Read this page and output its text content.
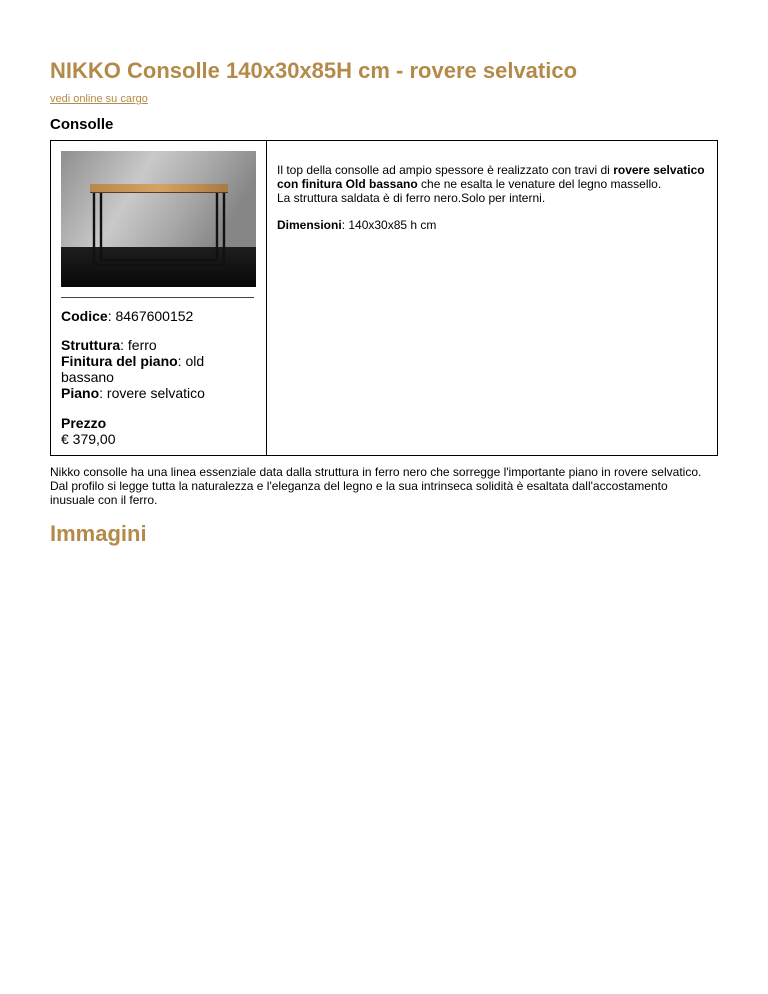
NIKKO Consolle 140x30x85H cm - rovere selvatico
vedi online su cargo
Consolle
Codice: 8467600152
Struttura: ferro
Finitura del piano: old bassano
Piano: rovere selvatico
Prezzo
€ 379,00

Il top della consolle ad ampio spessore è realizzato con travi di rovere selvatico con finitura Old bassano che ne esalta le venature del legno massello.

La struttura saldata è di ferro nero.Solo per interni.

Dimensioni: 140x30x85 h cm

Nikko consolle ha una linea essenziale data dalla struttura in ferro nero che sorregge l'importante piano in rovere selvatico. Dal profilo si legge tutta la naturalezza e l'eleganza del legno e la sua intrinseca solidità è esaltata dall'accostamento inusuale con il ferro.

Immagini
